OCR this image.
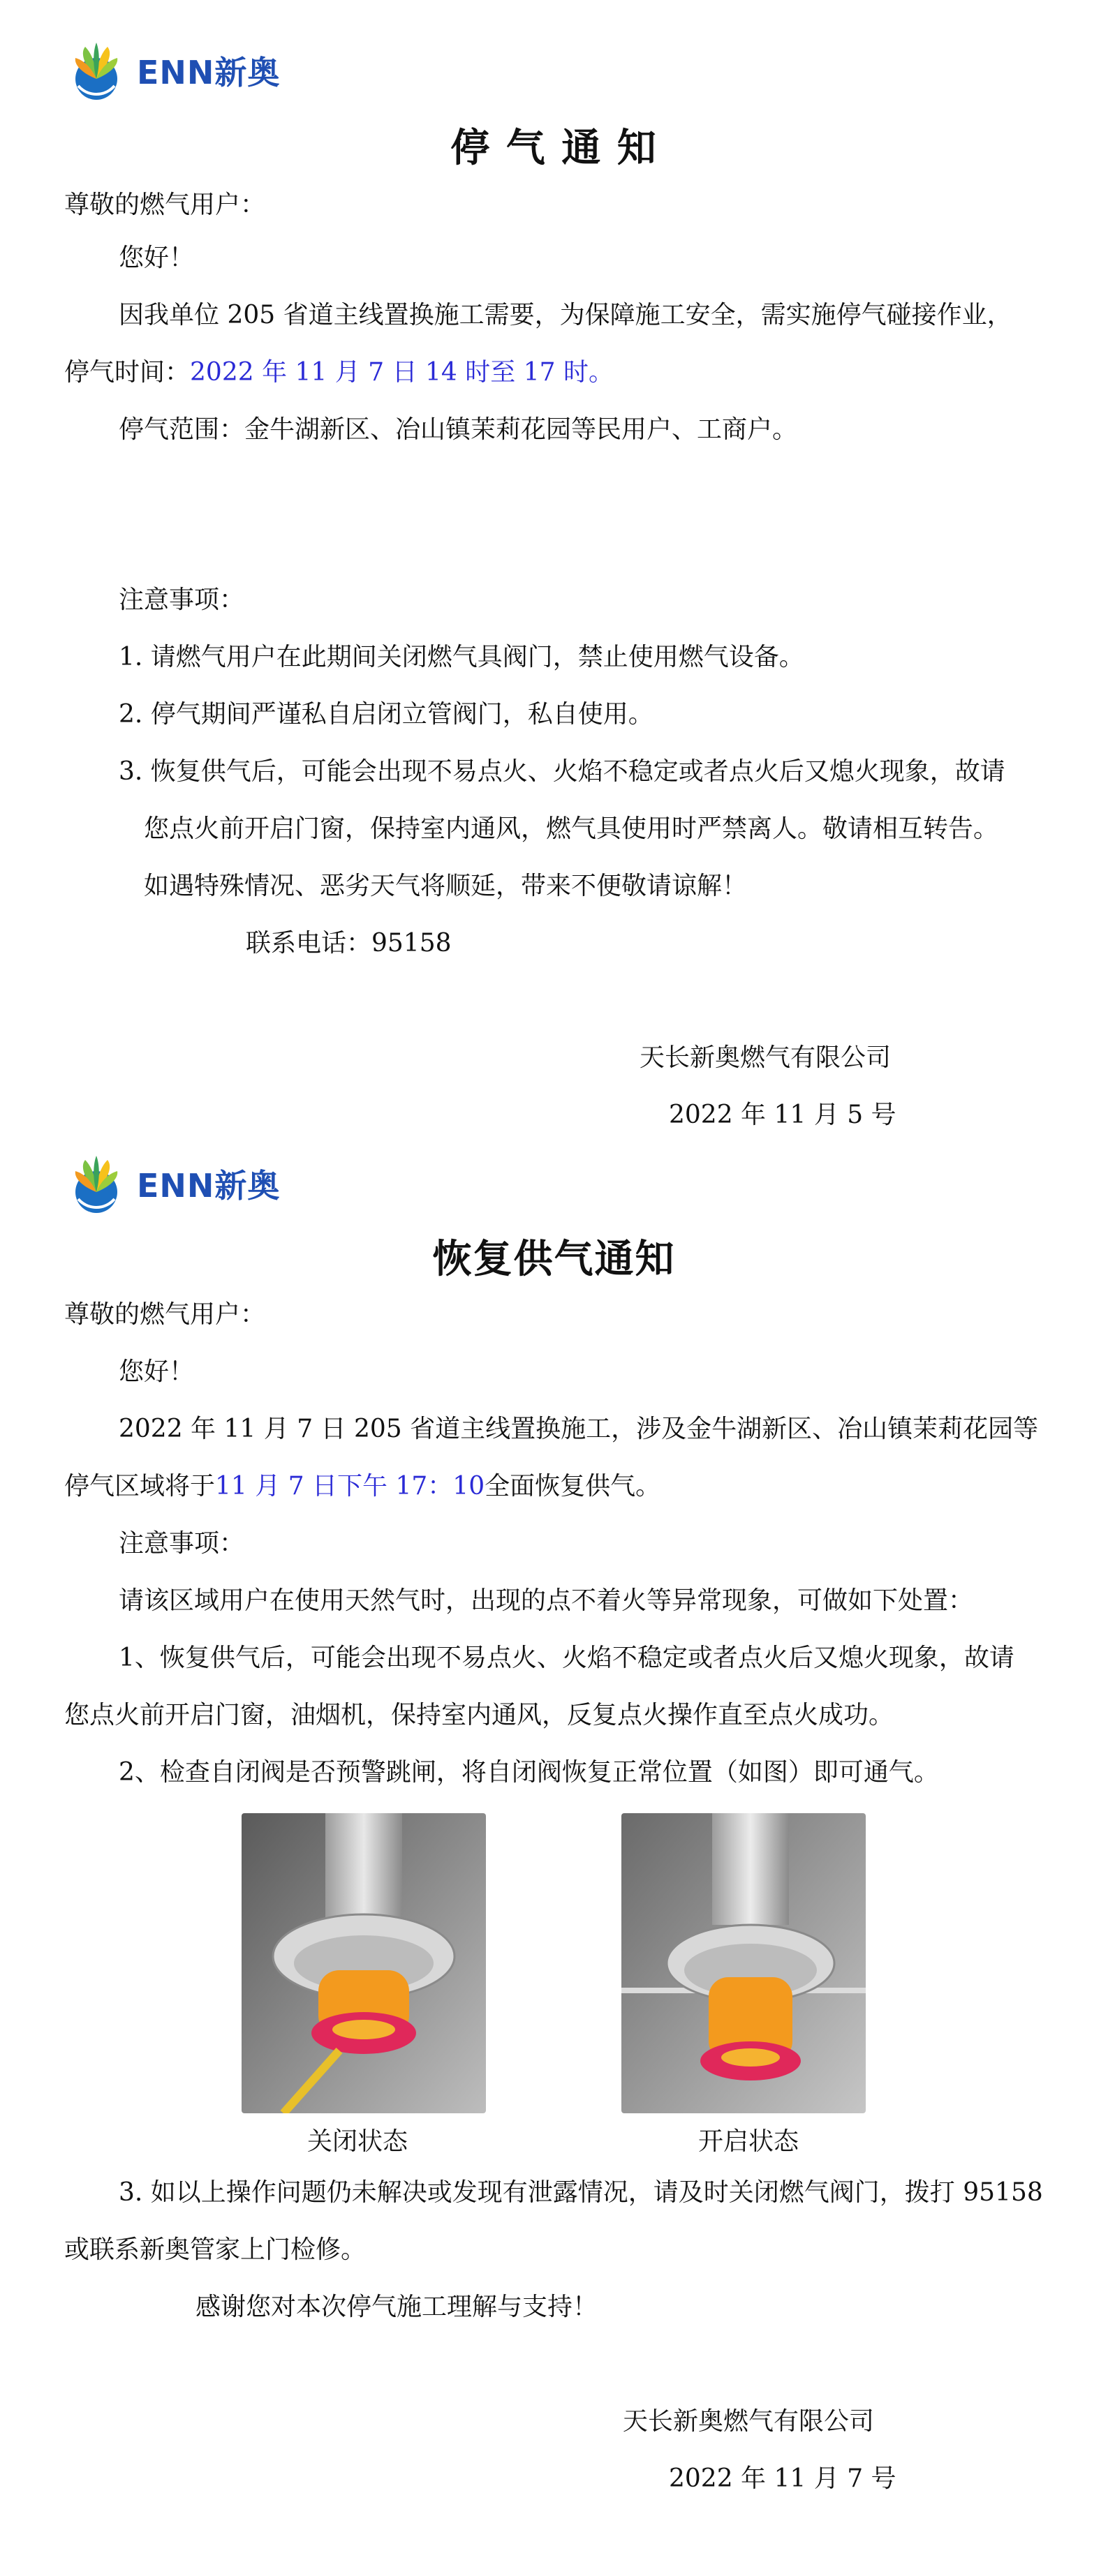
ENN新奥
停 气 通 知
尊敬的燃气用户：
您好！
因我单位 205 省道主线置换施工需要，为保障施工安全，需实施停气碰接作业，
停气时间：2022 年 11 月 7 日 14 时至 17 时。
停气范围：金牛湖新区、冶山镇茉莉花园等民用户、工商户。
注意事项：
1. 请燃气用户在此期间关闭燃气具阀门，禁止使用燃气设备。
2. 停气期间严谨私自启闭立管阀门，私自使用。
3. 恢复供气后，可能会出现不易点火、火焰不稳定或者点火后又熄火现象，故请
您点火前开启门窗，保持室内通风，燃气具使用时严禁离人。敬请相互转告。
如遇特殊情况、恶劣天气将顺延，带来不便敬请谅解！
联系电话：95158
天长新奥燃气有限公司
2022 年 11 月 5 号
ENN新奥
恢复供气通知
尊敬的燃气用户：
您好！
2022 年 11 月 7 日 205 省道主线置换施工，涉及金牛湖新区、冶山镇茉莉花园等
停气区域将于11 月 7 日下午 17：10全面恢复供气。
注意事项：
请该区域用户在使用天然气时，出现的点不着火等异常现象，可做如下处置：
1、恢复供气后，可能会出现不易点火、火焰不稳定或者点火后又熄火现象，故请
您点火前开启门窗，油烟机，保持室内通风，反复点火操作直至点火成功。
2、检查自闭阀是否预警跳闸，将自闭阀恢复正常位置（如图）即可通气。
关闭状态	开启状态
3. 如以上操作问题仍未解决或发现有泄露情况，请及时关闭燃气阀门，拨打 95158
或联系新奥管家上门检修。
感谢您对本次停气施工理解与支持！
天长新奥燃气有限公司
2022 年 11 月 7 号
